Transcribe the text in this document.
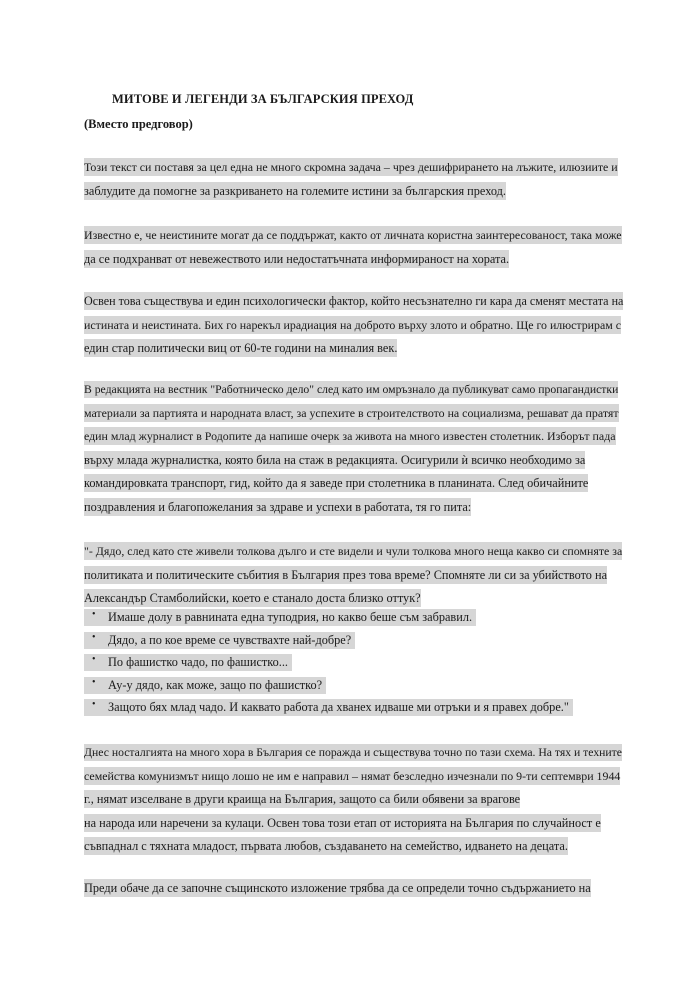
МИТОВЕ И ЛЕГЕНДИ ЗА БЪЛГАРСКИЯ ПРЕХОД
(Вместо предговор)
Този текст си поставя за цел една не много скромна задача – чрез дешифрирането на лъжите, илюзиите и
заблудите да помогне за разкриването на големите истини за българския преход.
Известно е, че неистините могат да се поддържат, както от личната користна заинтересованост, така може
да се подхранват от невежеството или недостатъчната информираност на хората.
Освен това съществува и един психологически фактор, който несъзнателно ги кара да сменят местата на
истината и неистината. Бих го нарекъл ирадиация на доброто върху злото и обратно. Ще го илюстрирам с
един стар политически виц от 60-те години на миналия век.
В редакцията на вестник "Работническо дело" след като им омръзнало да публикуват само пропагандистки
материали за партията и народната власт, за успехите в строителството на социализма, решават да пратят
един млад журналист в Родопите да напише очерк за живота на много известен столетник. Изборът пада
върху млада журналистка, която била на стаж в редакцията. Осигурили ѝ всичко необходимо за
командировката транспорт, гид, който да я заведе при столетника в планината. След обичайните
поздравления и благопожелания за здраве и успехи в работата, тя го пита:
"- Дядо, след като сте живели толкова дълго и сте видели и чули толкова много неща какво си спомняте за
политиката и политическите събития в България през това време? Спомняте ли си за убийството на
Александър Стамболийски, което е станало доста близко оттук?
• Имаше долу в равнината една туподрия, но какво беше съм забравил.
• Дядо, а по кое време се чувствахте най-добре?
• По фашистко чадо, по фашистко...
• Ау-у дядо, как може, защо по фашистко?
• Защото бях млад чадо. И каквато работа да хванех идваше ми отръки и я правех добре."
Днес носталгията на много хора в България се поражда и съществува точно по тази схема. На тях и техните
семейства комунизмът нищо лошо не им е направил – нямат безследно изчезнали по 9-ти септември 1944
г., нямат изселване в други краища на България, защото са били обявени за врагове
на народа или наречени за кулаци. Освен това този етап от историята на България по случайност е
съвпаднал с тяхната младост, първата любов, създаването на семейство, идването на децата.
Преди обаче да се започне същинското изложение трябва да се определи точно съдържанието на
